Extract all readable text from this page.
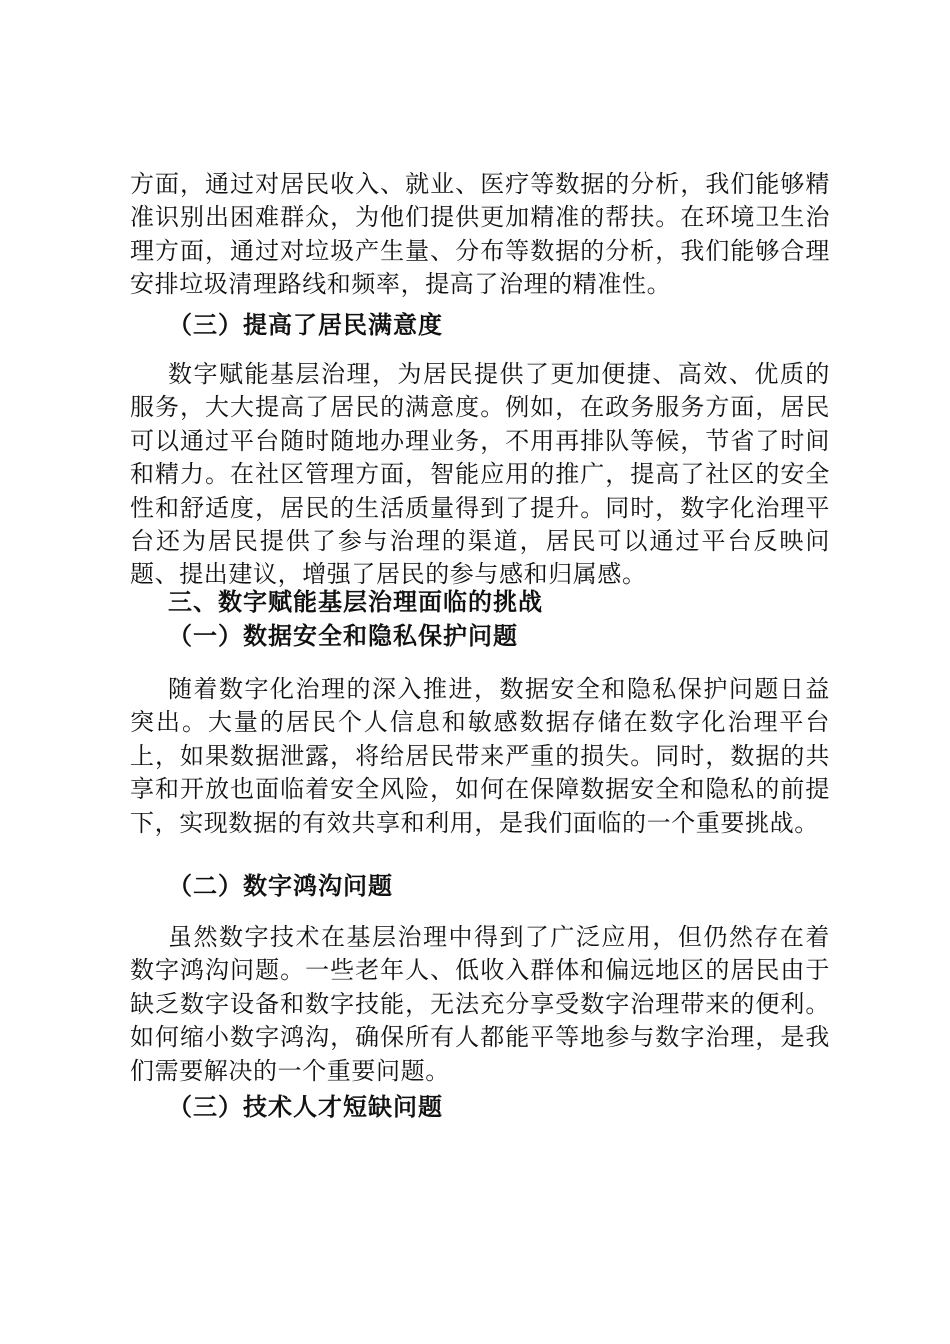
方面，通过对居民收入、就业、医疗等数据的分析，我们能够精准识别出困难群众，为他们提供更加精准的帮扶。在环境卫生治理方面，通过对垃圾产生量、分布等数据的分析，我们能够合理安排垃圾清理路线和频率，提高了治理的精准性。

（三）提高了居民满意度

数字赋能基层治理，为居民提供了更加便捷、高效、优质的服务，大大提高了居民的满意度。例如，在政务服务方面，居民可以通过平台随时随地办理业务，不用再排队等候，节省了时间和精力。在社区管理方面，智能应用的推广，提高了社区的安全性和舒适度，居民的生活质量得到了提升。同时，数字化治理平台还为居民提供了参与治理的渠道，居民可以通过平台反映问题、提出建议，增强了居民的参与感和归属感。

三、数字赋能基层治理面临的挑战
（一）数据安全和隐私保护问题

随着数字化治理的深入推进，数据安全和隐私保护问题日益突出。大量的居民个人信息和敏感数据存储在数字化治理平台上，如果数据泄露，将给居民带来严重的损失。同时，数据的共享和开放也面临着安全风险，如何在保障数据安全和隐私的前提下，实现数据的有效共享和利用，是我们面临的一个重要挑战。

（二）数字鸿沟问题

虽然数字技术在基层治理中得到了广泛应用，但仍然存在着数字鸿沟问题。一些老年人、低收入群体和偏远地区的居民由于缺乏数字设备和数字技能，无法充分享受数字治理带来的便利。如何缩小数字鸿沟，确保所有人都能平等地参与数字治理，是我们需要解决的一个重要问题。

（三）技术人才短缺问题
